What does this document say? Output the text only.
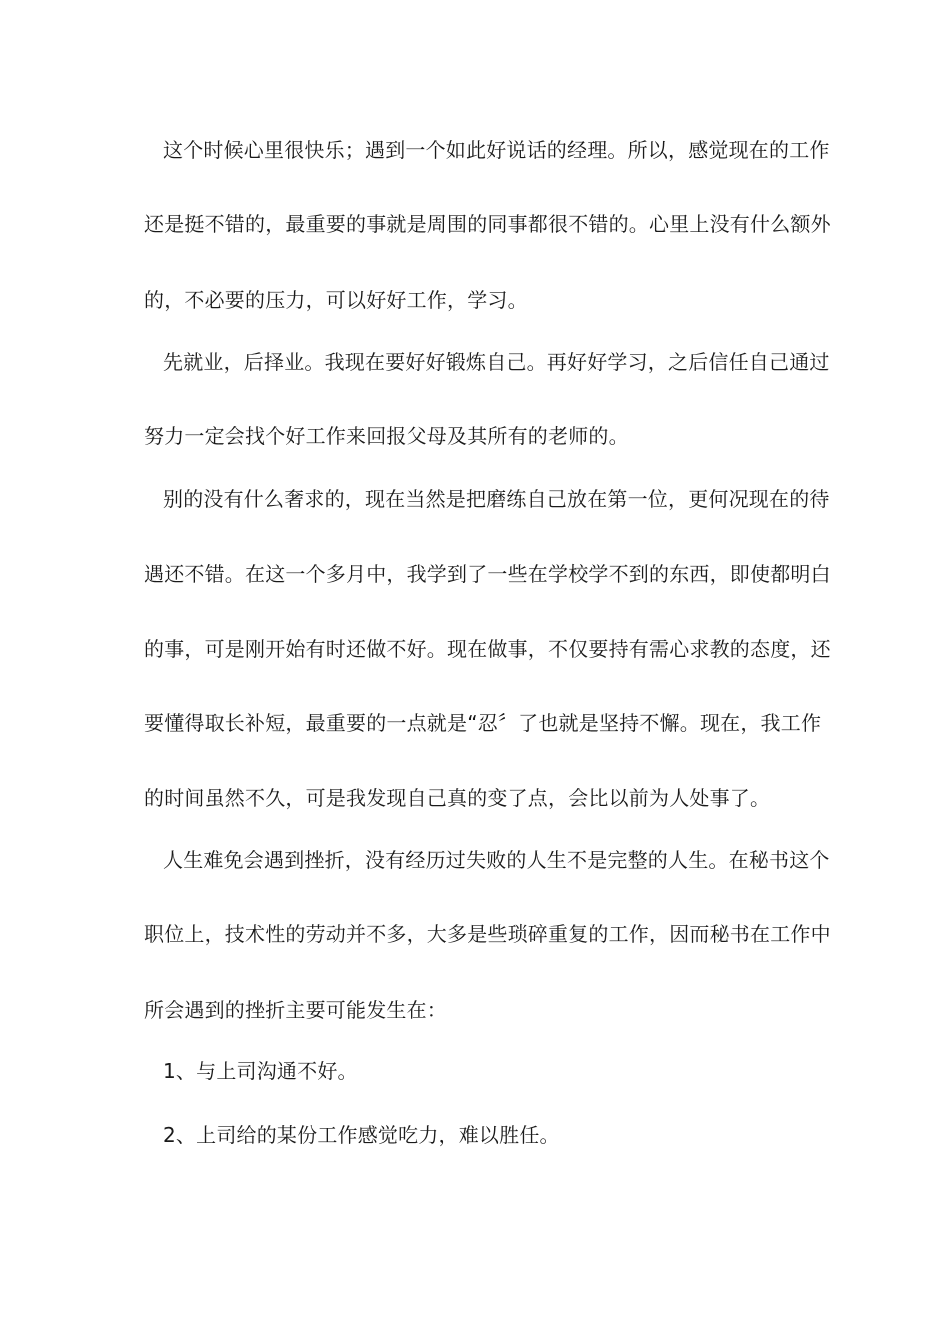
这个时候心里很快乐；遇到一个如此好说话的经理。所以，感觉现在的工作
还是挺不错的，最重要的事就是周围的同事都很不错的。心里上没有什么额外
的，不必要的压力，可以好好工作，学习。
先就业，后择业。我现在要好好锻炼自己。再好好学习，之后信任自己通过
努力一定会找个好工作来回报父母及其所有的老师的。
别的没有什么奢求的，现在当然是把磨练自己放在第一位，更何况现在的待
遇还不错。在这一个多月中，我学到了一些在学校学不到的东西，即使都明白
的事，可是刚开始有时还做不好。现在做事，不仅要持有需心求教的态度，还
要懂得取长补短，最重要的一点就是“忍〞了也就是坚持不懈。现在，我工作
的时间虽然不久，可是我发现自己真的变了点，会比以前为人处事了。
人生难免会遇到挫折，没有经历过失败的人生不是完整的人生。在秘书这个
职位上，技术性的劳动并不多，大多是些琐碎重复的工作，因而秘书在工作中
所会遇到的挫折主要可能发生在：
1、与上司沟通不好。
2、上司给的某份工作感觉吃力，难以胜任。
